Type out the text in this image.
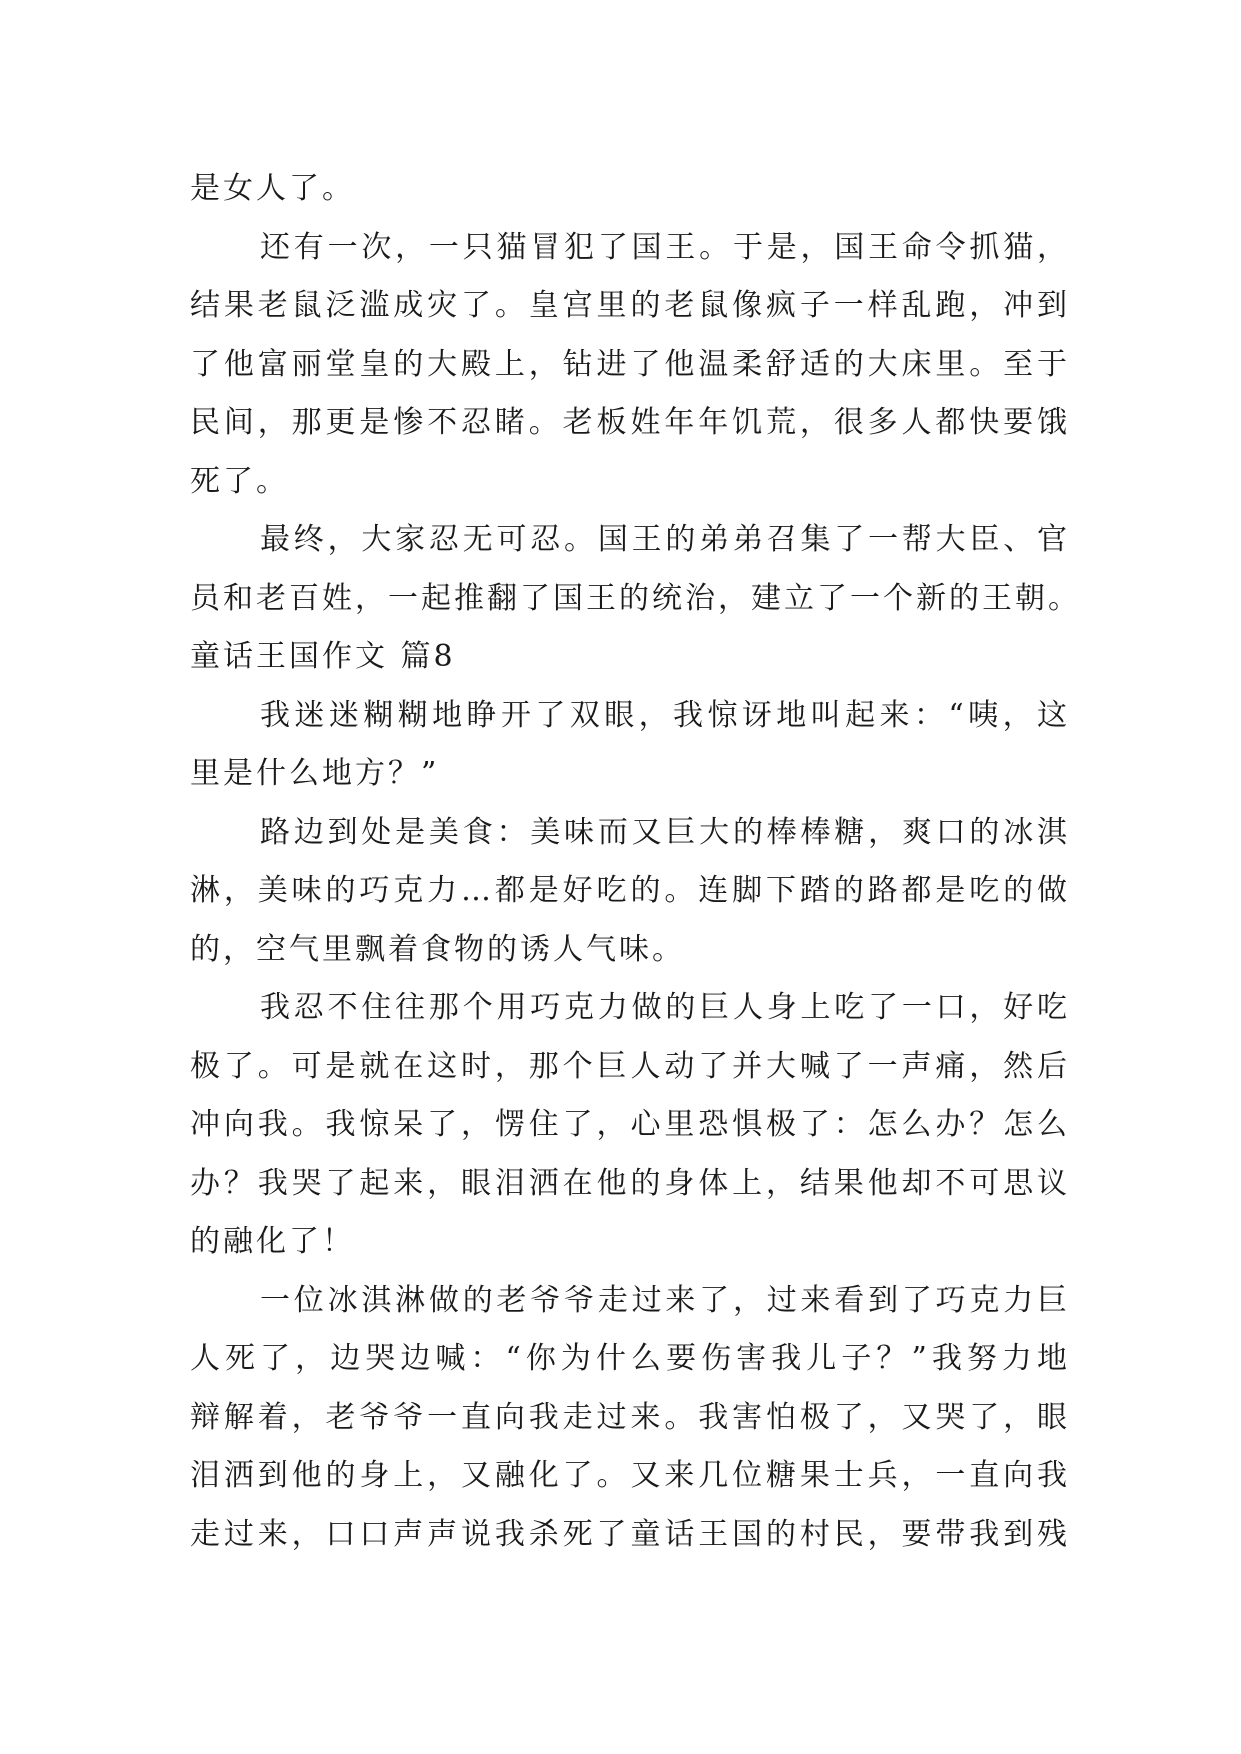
是女人了。
还有一次，一只猫冒犯了国王。于是，国王命令抓猫，
结果老鼠泛滥成灾了。皇宫里的老鼠像疯子一样乱跑，冲到
了他富丽堂皇的大殿上，钻进了他温柔舒适的大床里。至于
民间，那更是惨不忍睹。老板姓年年饥荒，很多人都快要饿
死了。
最终，大家忍无可忍。国王的弟弟召集了一帮大臣、官
员和老百姓，一起推翻了国王的统治，建立了一个新的王朝。
童话王国作文 篇8
我迷迷糊糊地睁开了双眼，我惊讶地叫起来：“咦，这
里是什么地方？”
路边到处是美食：美味而又巨大的棒棒糖，爽口的冰淇
淋，美味的巧克力…都是好吃的。连脚下踏的路都是吃的做
的，空气里飘着食物的诱人气味。
我忍不住往那个用巧克力做的巨人身上吃了一口，好吃
极了。可是就在这时，那个巨人动了并大喊了一声痛，然后
冲向我。我惊呆了，愣住了，心里恐惧极了：怎么办？怎么
办？我哭了起来，眼泪洒在他的身体上，结果他却不可思议
的融化了！
一位冰淇淋做的老爷爷走过来了，过来看到了巧克力巨
人死了，边哭边喊：“你为什么要伤害我儿子？”我努力地
辩解着，老爷爷一直向我走过来。我害怕极了，又哭了，眼
泪洒到他的身上，又融化了。又来几位糖果士兵，一直向我
走过来，口口声声说我杀死了童话王国的村民，要带我到残
